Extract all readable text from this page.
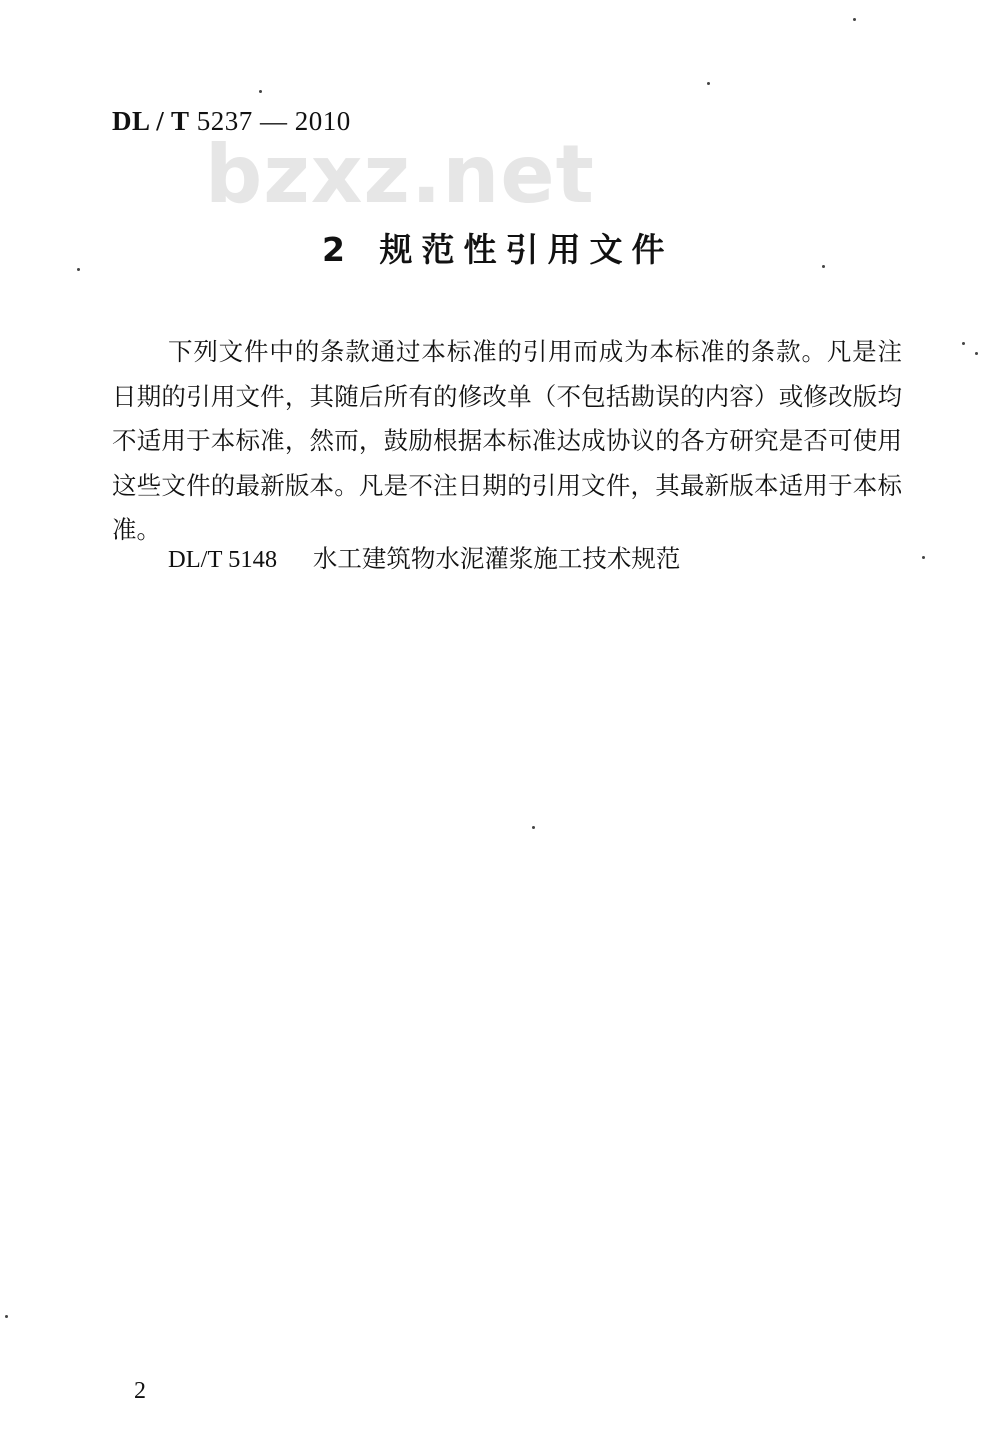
DL / T 5237 — 2010
bzxz.net
2 规范性引用文件

下列文件中的条款通过本标准的引用而成为本标准的条款。凡是注日期的引用文件，其随后所有的修改单（不包括勘误的内容）或修改版均不适用于本标准，然而，鼓励根据本标准达成协议的各方研究是否可使用这些文件的最新版本。凡是不注日期的引用文件，其最新版本适用于本标准。

DL/T 5148 水工建筑物水泥灌浆施工技术规范
2
